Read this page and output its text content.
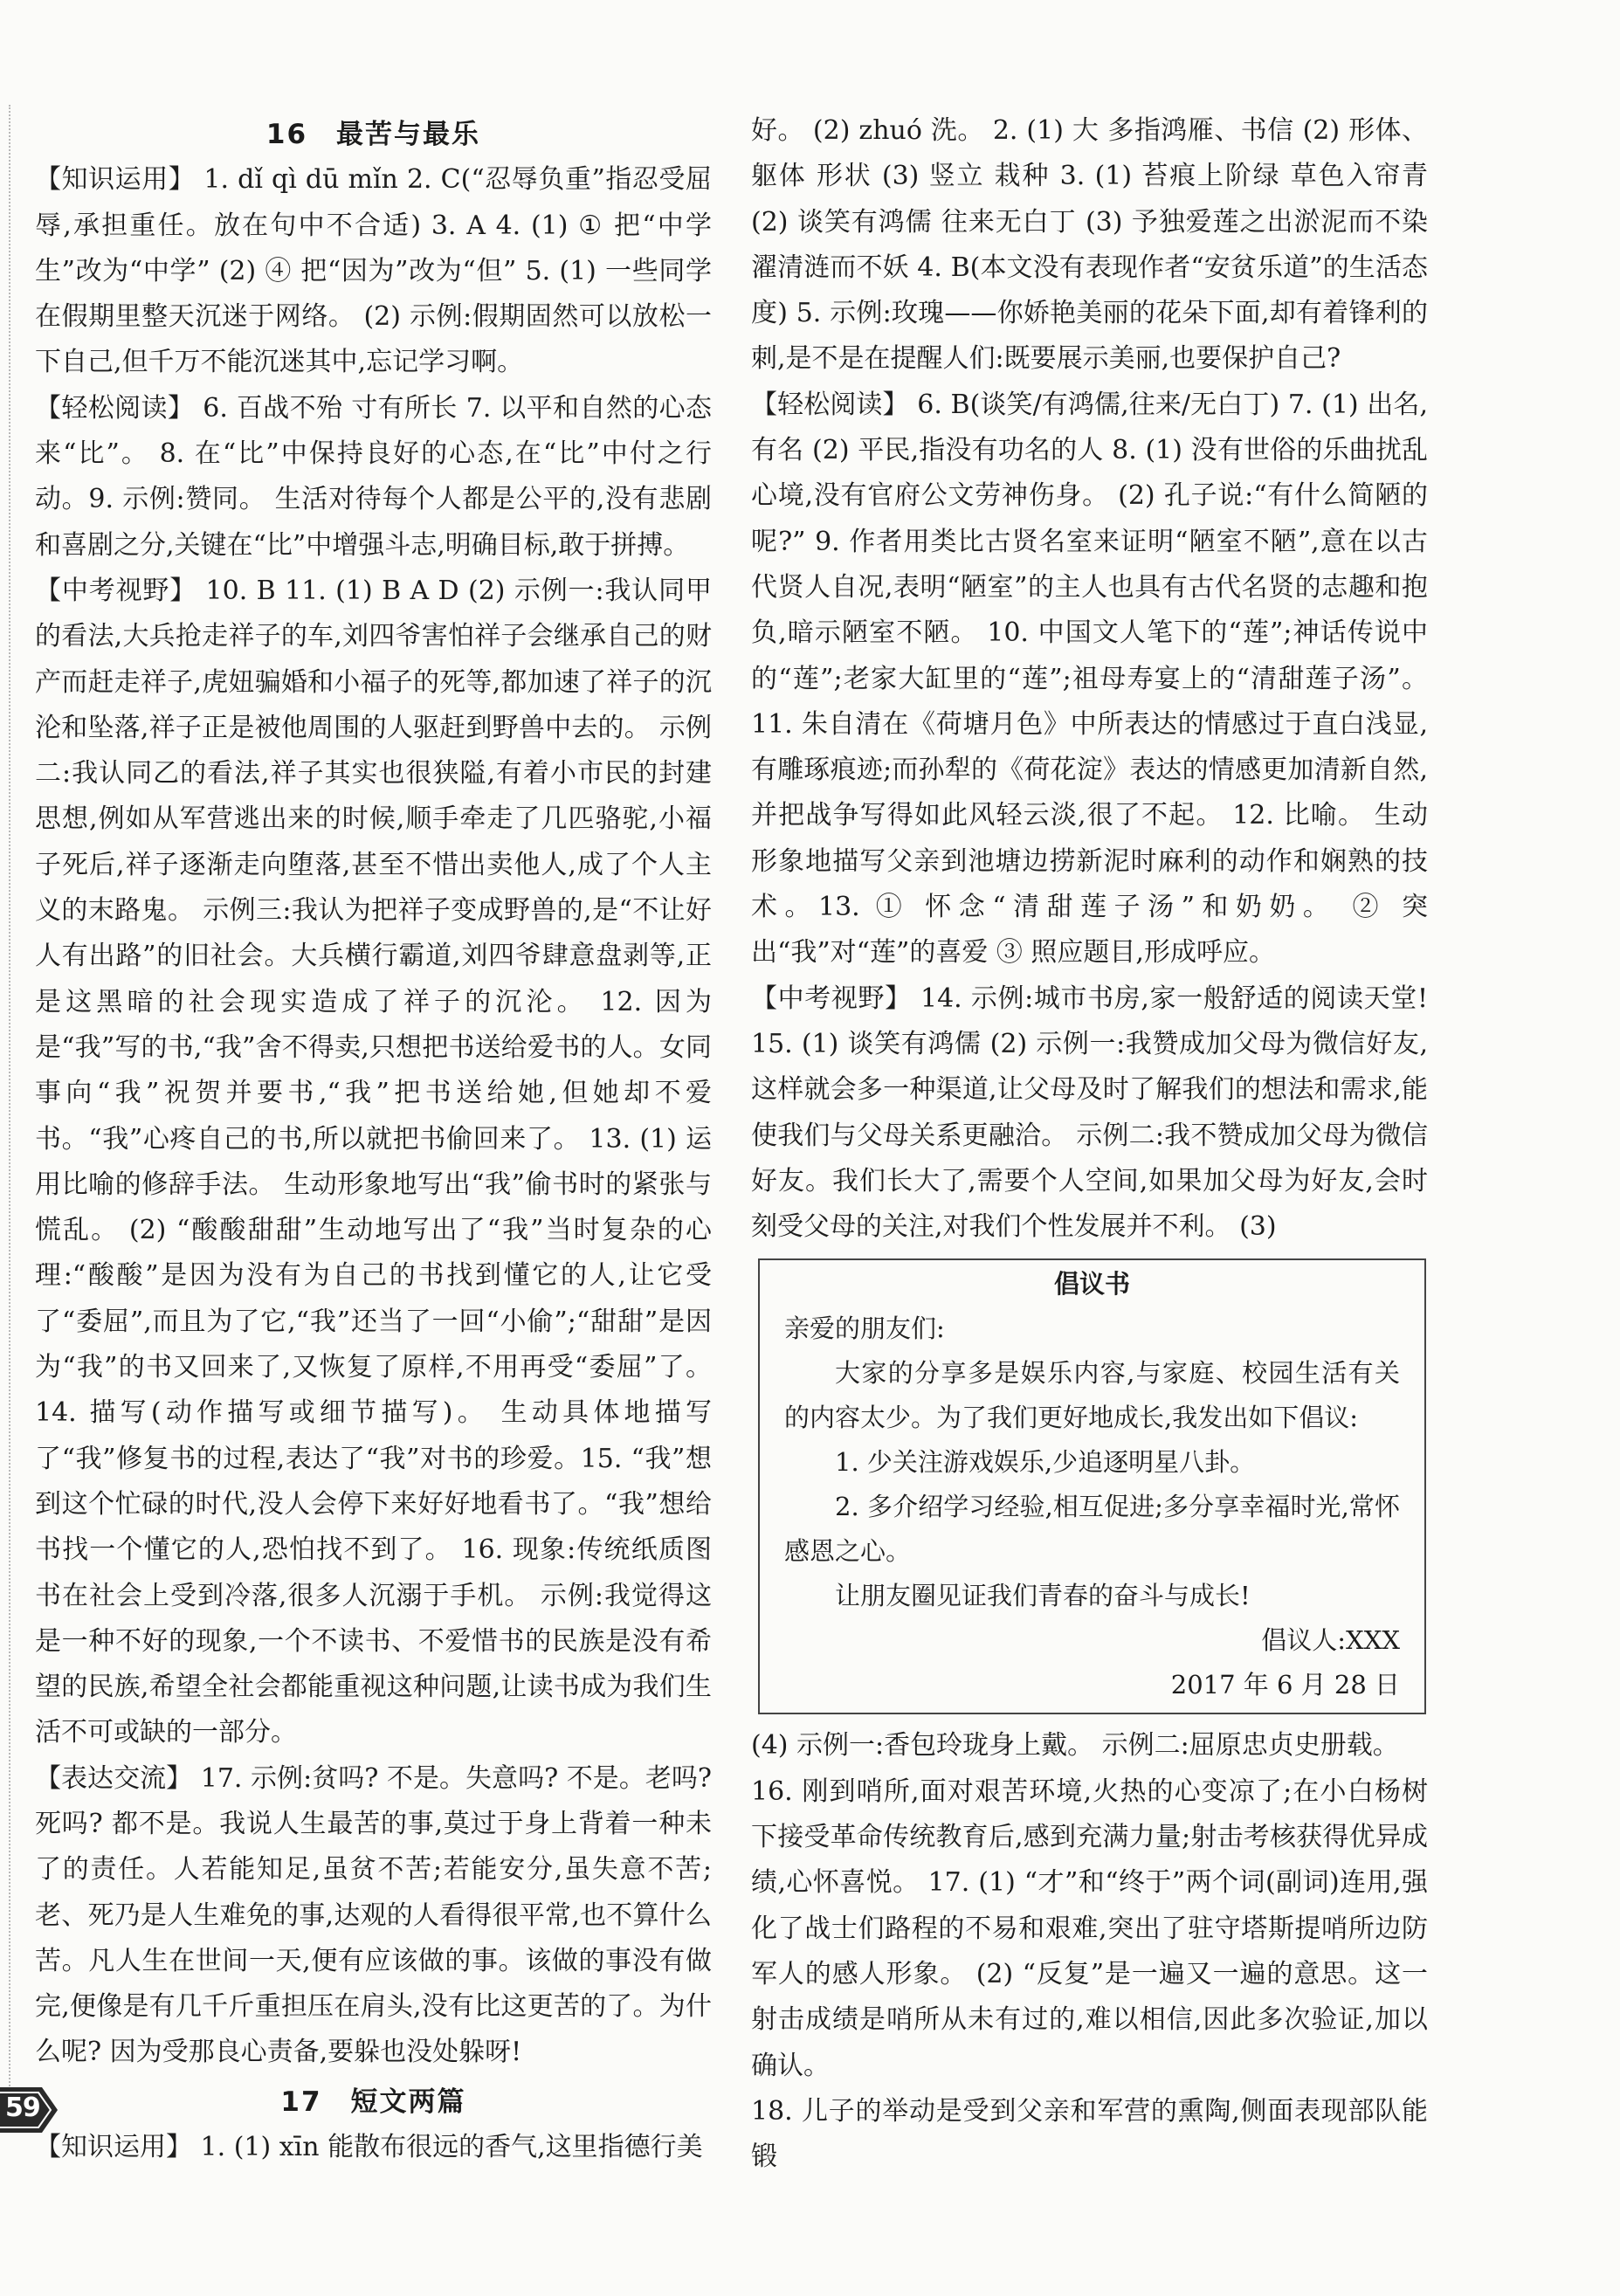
16　最苦与最乐

【知识运用】 1. dǐ qì dū mǐn 2. C(“忍辱负重”指忍受屈辱,承担重任。放在句中不合适) 3. A 4. (1) ① 把“中学生”改为“中学” (2) ④ 把“因为”改为“但” 5. (1) 一些同学在假期里整天沉迷于网络。 (2) 示例:假期固然可以放松一下自己,但千万不能沉迷其中,忘记学习啊。

【轻松阅读】 6. 百战不殆 寸有所长 7. 以平和自然的心态来“比”。 8. 在“比”中保持良好的心态,在“比”中付之行动。9. 示例:赞同。 生活对待每个人都是公平的,没有悲剧和喜剧之分,关键在“比”中增强斗志,明确目标,敢于拼搏。

【中考视野】 10. B 11. (1) B A D (2) 示例一:我认同甲的看法,大兵抢走祥子的车,刘四爷害怕祥子会继承自己的财产而赶走祥子,虎妞骗婚和小福子的死等,都加速了祥子的沉沦和坠落,祥子正是被他周围的人驱赶到野兽中去的。 示例二:我认同乙的看法,祥子其实也很狭隘,有着小市民的封建思想,例如从军营逃出来的时候,顺手牵走了几匹骆驼,小福子死后,祥子逐渐走向堕落,甚至不惜出卖他人,成了个人主义的末路鬼。 示例三:我认为把祥子变成野兽的,是“不让好人有出路”的旧社会。大兵横行霸道,刘四爷肆意盘剥等,正是这黑暗的社会现实造成了祥子的沉沦。 12. 因为是“我”写的书,“我”舍不得卖,只想把书送给爱书的人。女同事向“我”祝贺并要书,“我”把书送给她,但她却不爱书。“我”心疼自己的书,所以就把书偷回来了。 13. (1) 运用比喻的修辞手法。 生动形象地写出“我”偷书时的紧张与慌乱。 (2) “酸酸甜甜”生动地写出了“我”当时复杂的心理:“酸酸”是因为没有为自己的书找到懂它的人,让它受了“委屈”,而且为了它,“我”还当了一回“小偷”;“甜甜”是因为“我”的书又回来了,又恢复了原样,不用再受“委屈”了。 14. 描写(动作描写或细节描写)。 生动具体地描写了“我”修复书的过程,表达了“我”对书的珍爱。15. “我”想到这个忙碌的时代,没人会停下来好好地看书了。“我”想给书找一个懂它的人,恐怕找不到了。 16. 现象:传统纸质图书在社会上受到冷落,很多人沉溺于手机。 示例:我觉得这是一种不好的现象,一个不读书、不爱惜书的民族是没有希望的民族,希望全社会都能重视这种问题,让读书成为我们生活不可或缺的一部分。

【表达交流】 17. 示例:贫吗? 不是。失意吗? 不是。老吗? 死吗? 都不是。我说人生最苦的事,莫过于身上背着一种未了的责任。人若能知足,虽贫不苦;若能安分,虽失意不苦;老、死乃是人生难免的事,达观的人看得很平常,也不算什么苦。凡人生在世间一天,便有应该做的事。该做的事没有做完,便像是有几千斤重担压在肩头,没有比这更苦的了。为什么呢? 因为受那良心责备,要躲也没处躲呀!

17　短文两篇

【知识运用】 1. (1) xīn 能散布很远的香气,这里指德行美

好。 (2) zhuó 洗。 2. (1) 大 多指鸿雁、书信 (2) 形体、躯体 形状 (3) 竖立 栽种 3. (1) 苔痕上阶绿 草色入帘青 (2) 谈笑有鸿儒 往来无白丁 (3) 予独爱莲之出淤泥而不染 濯清涟而不妖 4. B(本文没有表现作者“安贫乐道”的生活态度) 5. 示例:玫瑰——你娇艳美丽的花朵下面,却有着锋利的刺,是不是在提醒人们:既要展示美丽,也要保护自己?

【轻松阅读】 6. B(谈笑/有鸿儒,往来/无白丁) 7. (1) 出名,有名 (2) 平民,指没有功名的人 8. (1) 没有世俗的乐曲扰乱心境,没有官府公文劳神伤身。 (2) 孔子说:“有什么简陋的呢?” 9. 作者用类比古贤名室来证明“陋室不陋”,意在以古代贤人自况,表明“陋室”的主人也具有古代名贤的志趣和抱负,暗示陋室不陋。 10. 中国文人笔下的“莲”;神话传说中的“莲”;老家大缸里的“莲”;祖母寿宴上的“清甜莲子汤”。11. 朱自清在《荷塘月色》中所表达的情感过于直白浅显,有雕琢痕迹;而孙犁的《荷花淀》表达的情感更加清新自然,并把战争写得如此风轻云淡,很了不起。 12. 比喻。 生动形象地描写父亲到池塘边捞新泥时麻利的动作和娴熟的技术。13. ① 怀念“清甜莲子汤”和奶奶。 ② 突出“我”对“莲”的喜爱 ③ 照应题目,形成呼应。

【中考视野】 14. 示例:城市书房,家一般舒适的阅读天堂! 15. (1) 谈笑有鸿儒 (2) 示例一:我赞成加父母为微信好友,这样就会多一种渠道,让父母及时了解我们的想法和需求,能使我们与父母关系更融洽。 示例二:我不赞成加父母为微信好友。我们长大了,需要个人空间,如果加父母为好友,会时刻受父母的关注,对我们个性发展并不利。 (3)

倡议书
亲爱的朋友们:
大家的分享多是娱乐内容,与家庭、校园生活有关的内容太少。为了我们更好地成长,我发出如下倡议:
1. 少关注游戏娱乐,少追逐明星八卦。
2. 多介绍学习经验,相互促进;多分享幸福时光,常怀感恩之心。
让朋友圈见证我们青春的奋斗与成长!
倡议人:XXX
2017 年 6 月 28 日

(4) 示例一:香包玲珑身上戴。 示例二:屈原忠贞史册载。

16. 刚到哨所,面对艰苦环境,火热的心变凉了;在小白杨树下接受革命传统教育后,感到充满力量;射击考核获得优异成绩,心怀喜悦。 17. (1) “才”和“终于”两个词(副词)连用,强化了战士们路程的不易和艰难,突出了驻守塔斯提哨所边防军人的感人形象。 (2) “反复”是一遍又一遍的意思。这一射击成绩是哨所从未有过的,难以相信,因此多次验证,加以确认。

18. 儿子的举动是受到父亲和军营的熏陶,侧面表现部队能锻

59
